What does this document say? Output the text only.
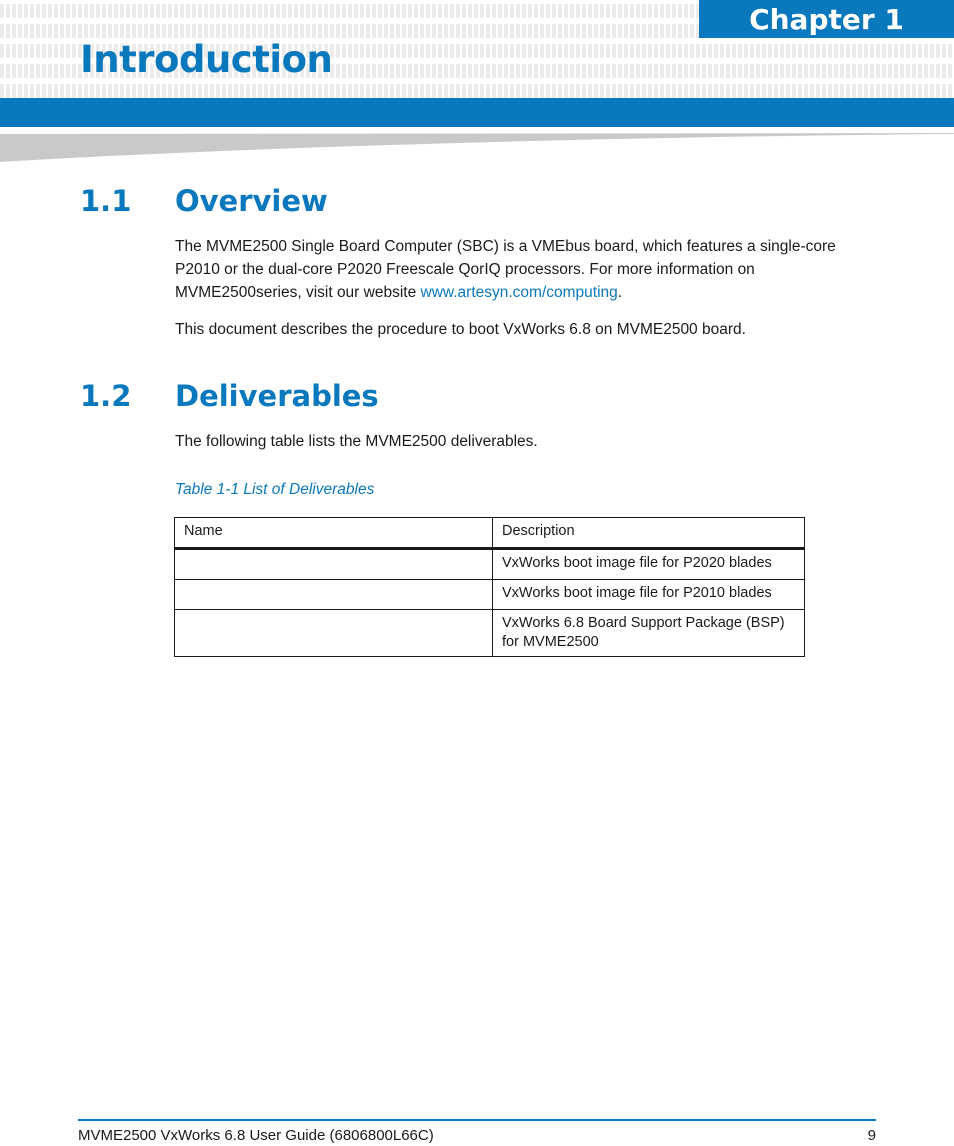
Chapter 1
Introduction
1.1 Overview

The MVME2500 Single Board Computer (SBC) is a VMEbus board, which features a single-core P2010 or the dual-core P2020 Freescale QorIQ processors. For more information on MVME2500series, visit our website www.artesyn.com/computing.

This document describes the procedure to boot VxWorks 6.8 on MVME2500 board.

1.2 Deliverables

The following table lists the MVME2500 deliverables.

Table 1-1 List of Deliverables

Name	Description
	VxWorks boot image file for P2020 blades
	VxWorks boot image file for P2010 blades
	VxWorks 6.8 Board Support Package (BSP) for MVME2500

MVME2500 VxWorks 6.8 User Guide (6806800L66C)	9
